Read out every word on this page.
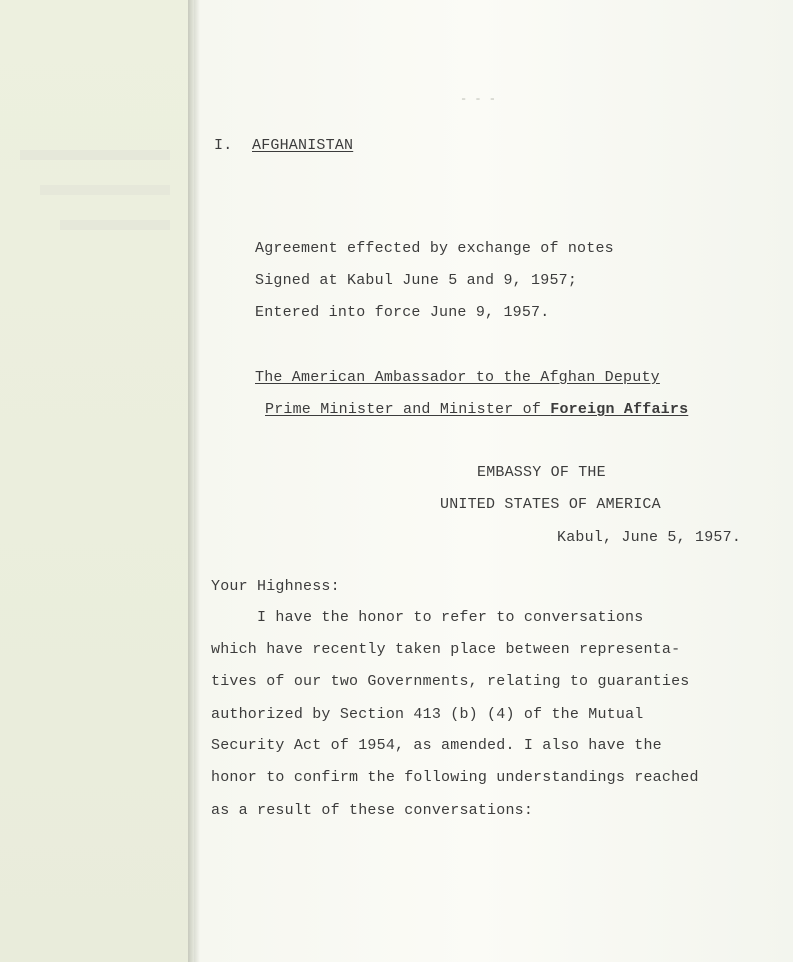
- - -
I. AFGHANISTAN
Agreement effected by exchange of notes
Signed at Kabul June 5 and 9, 1957;
Entered into force June 9, 1957.
The American Ambassador to the Afghan Deputy
Prime Minister and Minister of Foreign Affairs
EMBASSY OF THE
UNITED STATES OF AMERICA
Kabul, June 5, 1957.
Your Highness:
I have the honor to refer to conversations
which have recently taken place between representa-
tives of our two Governments, relating to guaranties
authorized by Section 413 (b) (4) of the Mutual
Security Act of 1954, as amended. I also have the
honor to confirm the following understandings reached
as a result of these conversations:
